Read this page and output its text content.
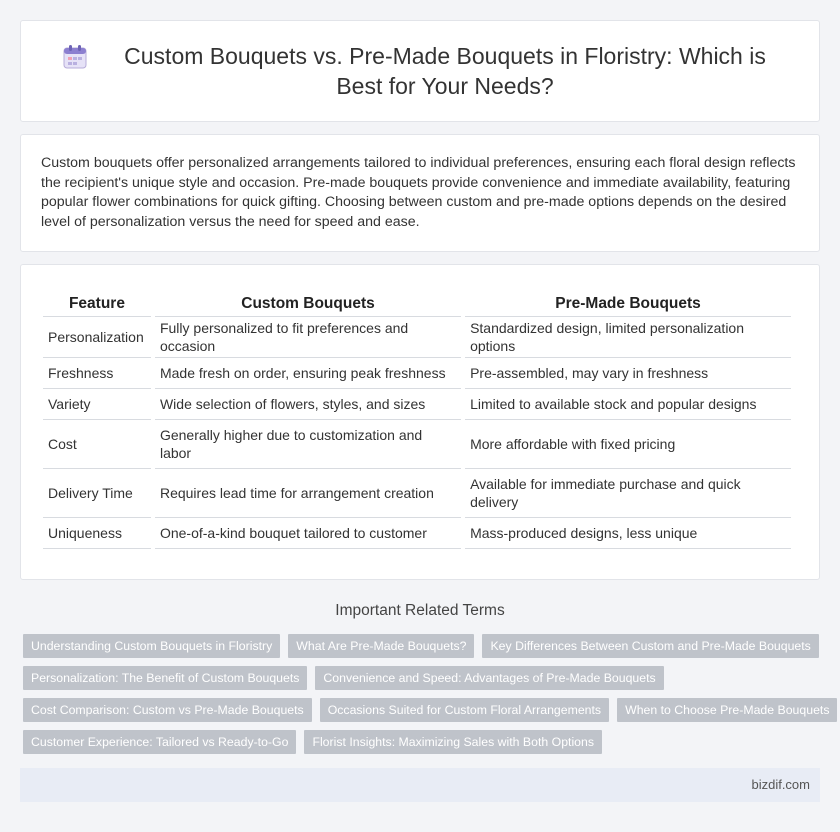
Custom Bouquets vs. Pre-Made Bouquets in Floristry: Which is Best for Your Needs?

Custom bouquets offer personalized arrangements tailored to individual preferences, ensuring each floral design reflects the recipient's unique style and occasion. Pre-made bouquets provide convenience and immediate availability, featuring popular flower combinations for quick gifting. Choosing between custom and pre-made options depends on the desired level of personalization versus the need for speed and ease.

Feature	Custom Bouquets	Pre-Made Bouquets
Personalization	Fully personalized to fit preferences and occasion	Standardized design, limited personalization options
Freshness	Made fresh on order, ensuring peak freshness	Pre-assembled, may vary in freshness
Variety	Wide selection of flowers, styles, and sizes	Limited to available stock and popular designs
Cost	Generally higher due to customization and labor	More affordable with fixed pricing
Delivery Time	Requires lead time for arrangement creation	Available for immediate purchase and quick delivery
Uniqueness	One-of-a-kind bouquet tailored to customer	Mass-produced designs, less unique
Important Related Terms
Understanding Custom Bouquets in Floristry	What Are Pre-Made Bouquets?	Key Differences Between Custom and Pre-Made Bouquets
Personalization: The Benefit of Custom Bouquets	Convenience and Speed: Advantages of Pre-Made Bouquets
Cost Comparison: Custom vs Pre-Made Bouquets	Occasions Suited for Custom Floral Arrangements	When to Choose Pre-Made Bouquets
Customer Experience: Tailored vs Ready-to-Go	Florist Insights: Maximizing Sales with Both Options
bizdif.com
